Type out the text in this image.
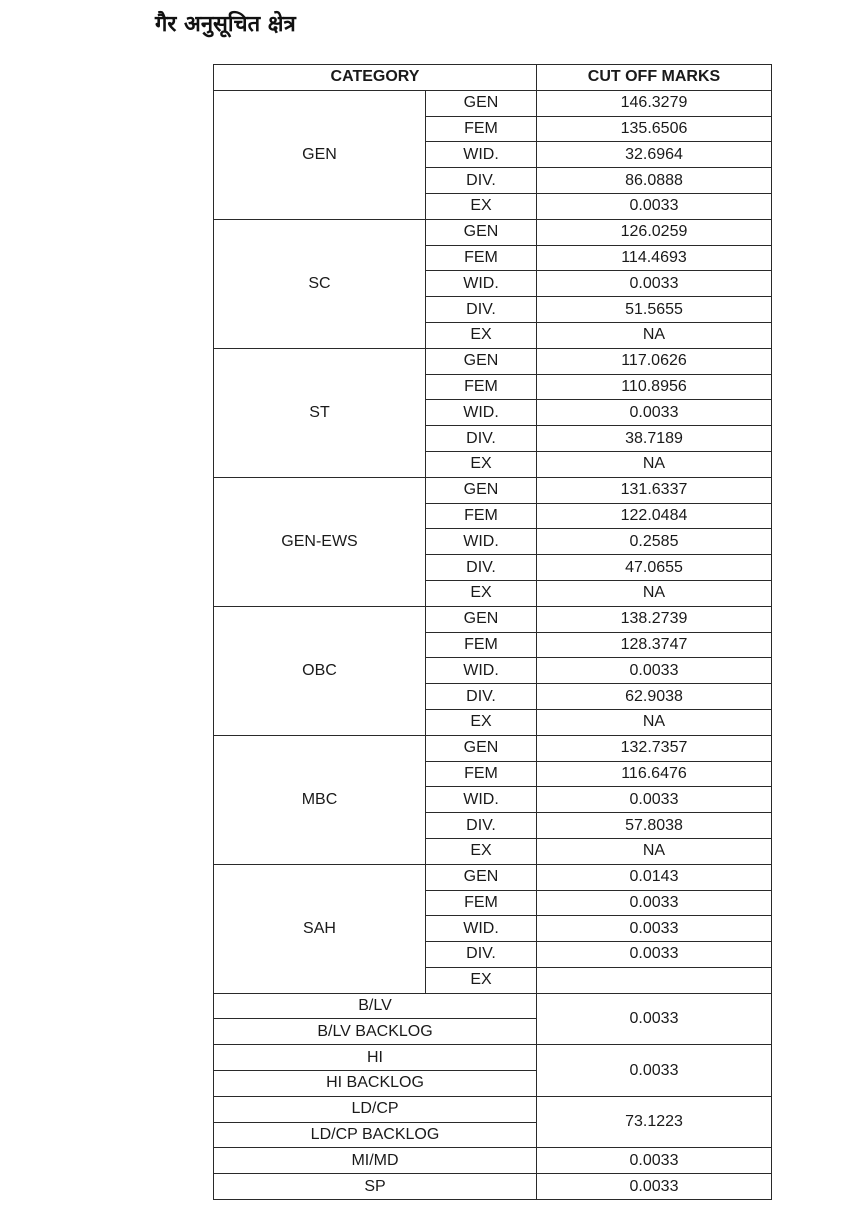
गैर अनुसूचित क्षेत्र
CATEGORY		CUT OFF MARKS
GEN	GEN	146.3279
	FEM	135.6506
	WID.	32.6964
	DIV.	86.0888
	EX	0.0033
SC	GEN	126.0259
	FEM	114.4693
	WID.	0.0033
	DIV.	51.5655
	EX	NA
ST	GEN	117.0626
	FEM	110.8956
	WID.	0.0033
	DIV.	38.7189
	EX	NA
GEN-EWS	GEN	131.6337
	FEM	122.0484
	WID.	0.2585
	DIV.	47.0655
	EX	NA
OBC	GEN	138.2739
	FEM	128.3747
	WID.	0.0033
	DIV.	62.9038
	EX	NA
MBC	GEN	132.7357
	FEM	116.6476
	WID.	0.0033
	DIV.	57.8038
	EX	NA
SAH	GEN	0.0143
	FEM	0.0033
	WID.	0.0033
	DIV.	0.0033
	EX	
B/LV		0.0033
B/LV BACKLOG		
HI		0.0033
HI BACKLOG		
LD/CP		73.1223
LD/CP BACKLOG		
MI/MD		0.0033
SP		0.0033
